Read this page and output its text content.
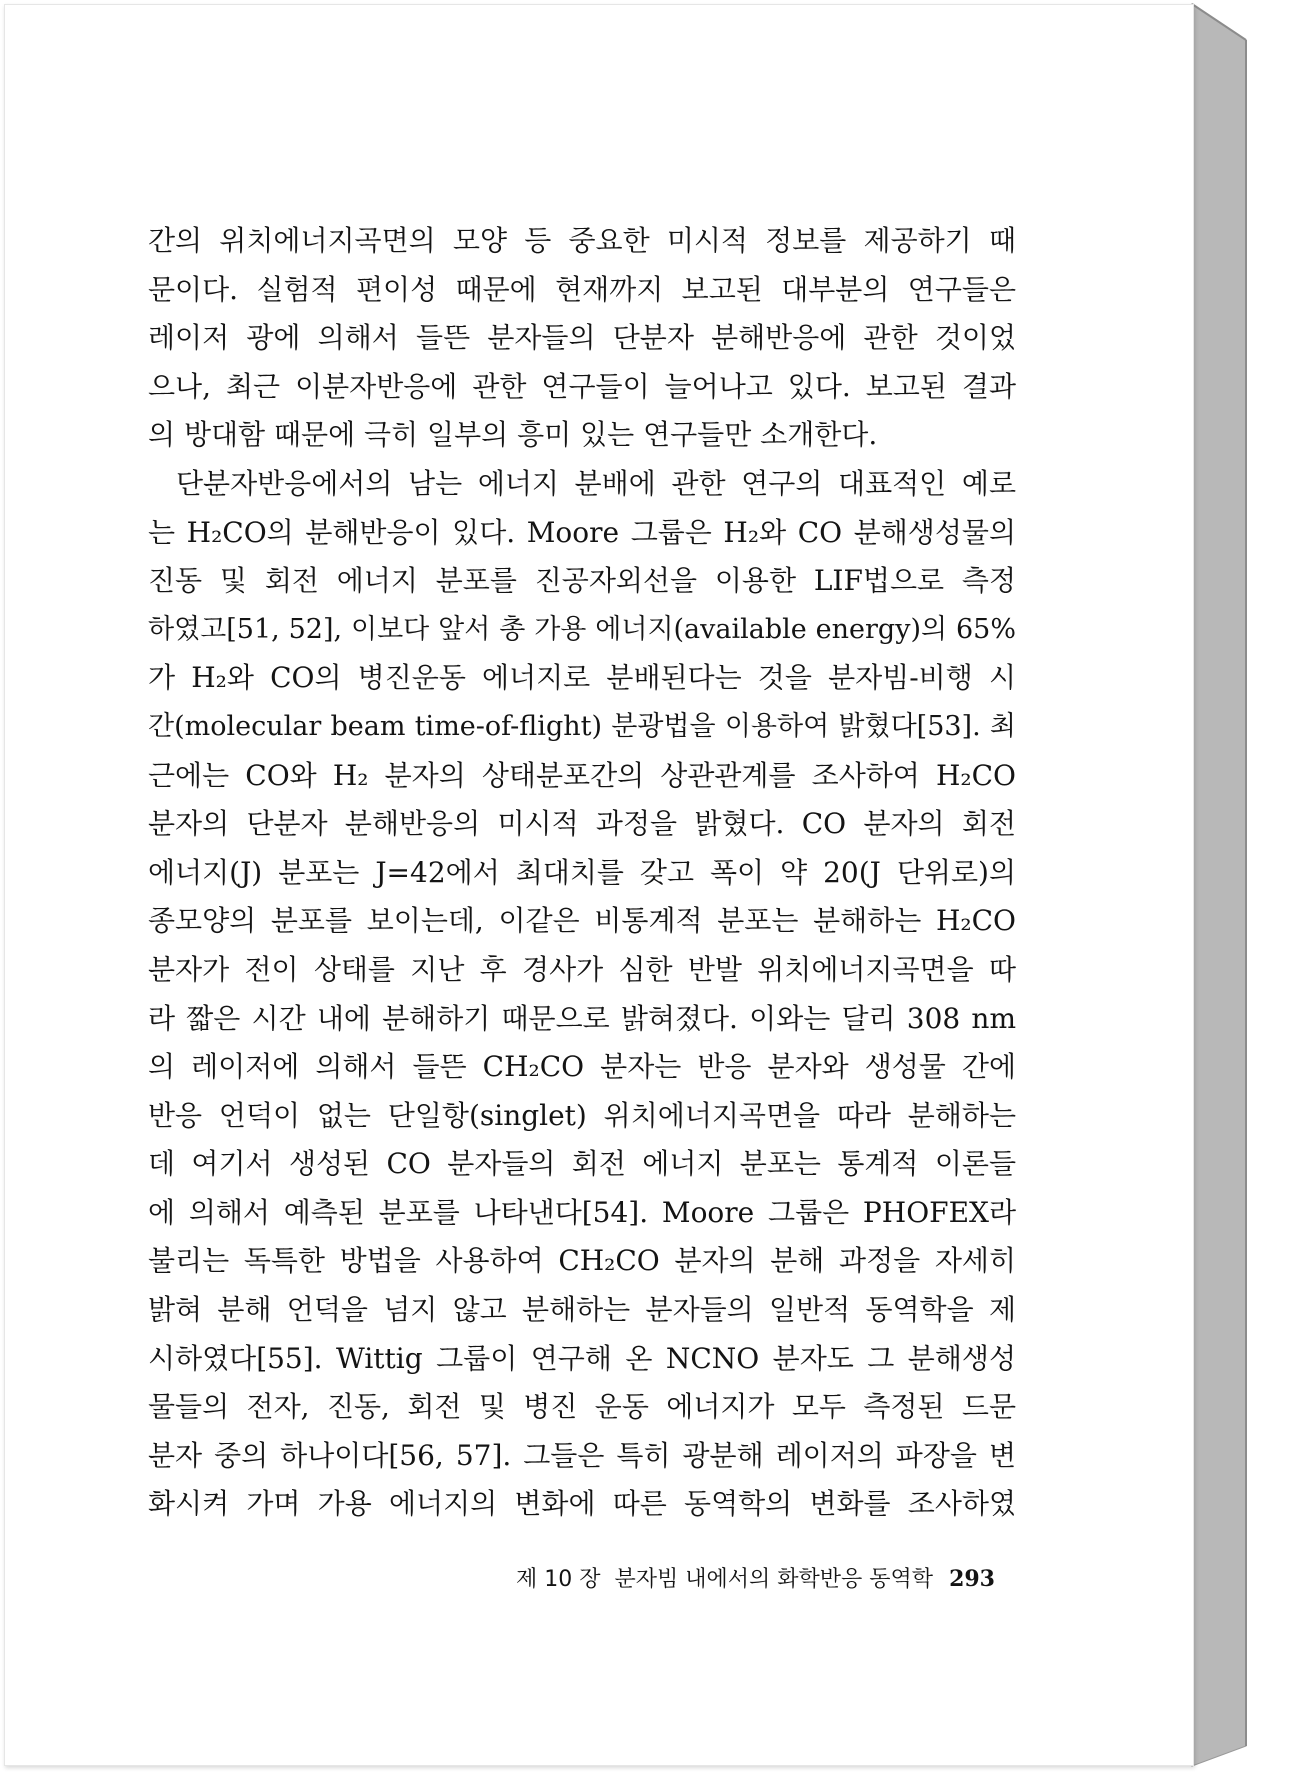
간의 위치에너지곡면의 모양 등 중요한 미시적 정보를 제공하기 때
문이다. 실험적 편이성 때문에 현재까지 보고된 대부분의 연구들은
레이저 광에 의해서 들뜬 분자들의 단분자 분해반응에 관한 것이었
으나, 최근 이분자반응에 관한 연구들이 늘어나고 있다. 보고된 결과
의 방대함 때문에 극히 일부의 흥미 있는 연구들만 소개한다.
단분자반응에서의 남는 에너지 분배에 관한 연구의 대표적인 예로
는 H₂CO의 분해반응이 있다. Moore 그룹은 H₂와 CO 분해생성물의
진동 및 회전 에너지 분포를 진공자외선을 이용한 LIF법으로 측정
하였고[51, 52], 이보다 앞서 총 가용 에너지(available energy)의 65%
가 H₂와 CO의 병진운동 에너지로 분배된다는 것을 분자빔-비행 시
간(molecular beam time-of-flight) 분광법을 이용하여 밝혔다[53]. 최
근에는 CO와 H₂ 분자의 상태분포간의 상관관계를 조사하여 H₂CO
분자의 단분자 분해반응의 미시적 과정을 밝혔다. CO 분자의 회전
에너지(J) 분포는 J=42에서 최대치를 갖고 폭이 약 20(J 단위로)의
종모양의 분포를 보이는데, 이같은 비통계적 분포는 분해하는 H₂CO
분자가 전이 상태를 지난 후 경사가 심한 반발 위치에너지곡면을 따
라 짧은 시간 내에 분해하기 때문으로 밝혀졌다. 이와는 달리 308 nm
의 레이저에 의해서 들뜬 CH₂CO 분자는 반응 분자와 생성물 간에
반응 언덕이 없는 단일항(singlet) 위치에너지곡면을 따라 분해하는
데 여기서 생성된 CO 분자들의 회전 에너지 분포는 통계적 이론들
에 의해서 예측된 분포를 나타낸다[54]. Moore 그룹은 PHOFEX라
불리는 독특한 방법을 사용하여 CH₂CO 분자의 분해 과정을 자세히
밝혀 분해 언덕을 넘지 않고 분해하는 분자들의 일반적 동역학을 제
시하였다[55]. Wittig 그룹이 연구해 온 NCNO 분자도 그 분해생성
물들의 전자, 진동, 회전 및 병진 운동 에너지가 모두 측정된 드문
분자 중의 하나이다[56, 57]. 그들은 특히 광분해 레이저의 파장을 변
화시켜 가며 가용 에너지의 변화에 따른 동역학의 변화를 조사하였
제 10 장 분자빔 내에서의 화학반응 동역학 293
